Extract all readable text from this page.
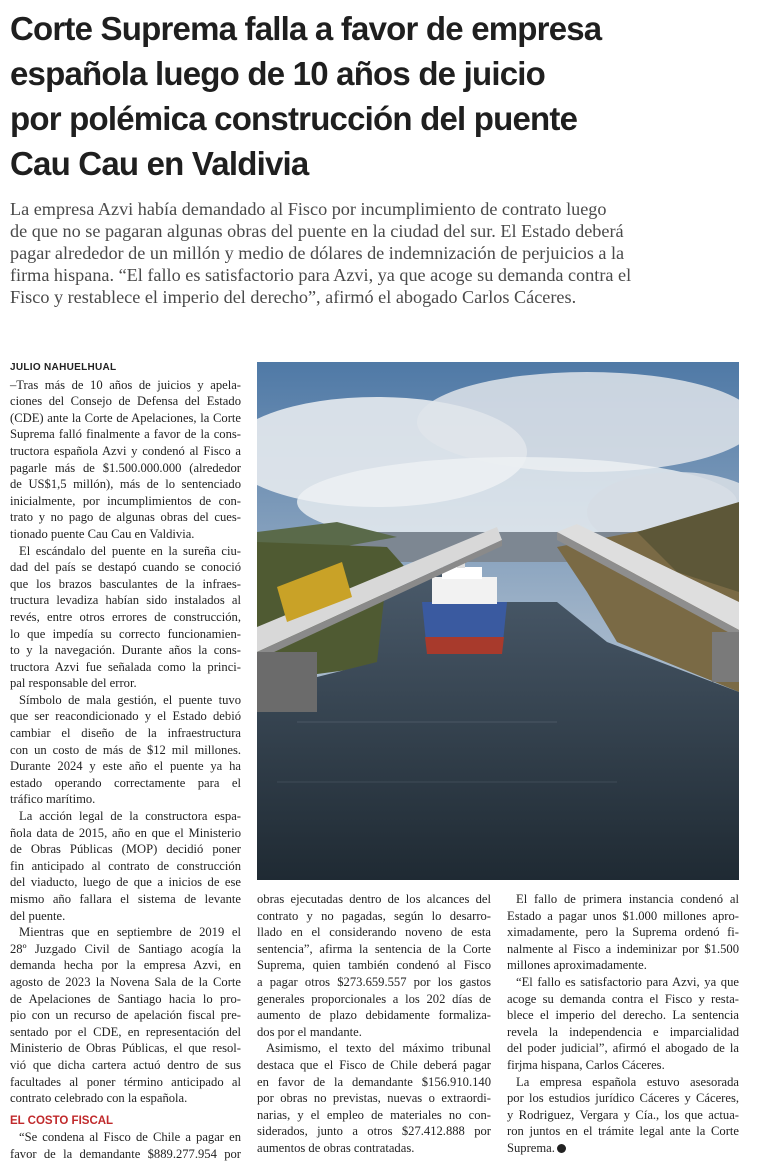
Corte Suprema falla a favor de empresa
española luego de 10 años de juicio
por polémica construcción del puente
Cau Cau en Valdivia
La empresa Azvi había demandado al Fisco por incumplimiento de contrato luego
de que no se pagaran algunas obras del puente en la ciudad del sur. El Estado deberá
pagar alrededor de un millón y medio de dólares de indemnización de perjuicios a la
firma hispana. “El fallo es satisfactorio para Azvi, ya que acoge su demanda contra el
Fisco y restablece el imperio del derecho”, afirmó el abogado Carlos Cáceres.
JULIO NAHUELHUAL
–Tras más de 10 años de juicios y apela-
ciones del Consejo de Defensa del Estado
(CDE) ante la Corte de Apelaciones, la Corte
Suprema falló finalmente a favor de la cons-
tructora española Azvi y condenó al Fisco a
pagarle más de $1.500.000.000 (alrededor
de US$1,5 millón), más de lo sentenciado
inicialmente, por incumplimientos de con-
trato y no pago de algunas obras del cues-
tionado puente Cau Cau en Valdivia.
El escándalo del puente en la sureña ciu-
dad del país se destapó cuando se conoció
que los brazos basculantes de la infraes-
tructura levadiza habían sido instalados al
revés, entre otros errores de construcción,
lo que impedía su correcto funcionamien-
to y la navegación. Durante años la cons-
tructora Azvi fue señalada como la princi-
pal responsable del error.
Símbolo de mala gestión, el puente tuvo
que ser reacondicionado y el Estado debió
cambiar el diseño de la infraestructura
con un costo de más de $12 mil millones.
Durante 2024 y este año el puente ya ha
estado operando correctamente para el
tráfico marítimo.
La acción legal de la constructora espa-
ñola data de 2015, año en que el Ministerio
de Obras Públicas (MOP) decidió poner
fin anticipado al contrato de construcción
del viaducto, luego de que a inicios de ese
mismo año fallara el sistema de levante
del puente.
Mientras que en septiembre de 2019 el
28º Juzgado Civil de Santiago acogía la
demanda hecha por la empresa Azvi, en
agosto de 2023 la Novena Sala de la Corte
de Apelaciones de Santiago hacia lo pro-
pio con un recurso de apelación fiscal pre-
sentado por el CDE, en representación del
Ministerio de Obras Públicas, el que resol-
vió que dicha cartera actuó dentro de sus
facultades al poner término anticipado al
contrato celebrado con la española.
EL COSTO FISCAL
“Se condena al Fisco de Chile a pagar en
favor de la demandante $889.277.954 por
obras ejecutadas dentro de los alcances del
contrato y no pagadas, según lo desarro-
llado en el considerando noveno de esta
sentencia”, afirma la sentencia de la Corte
Suprema, quien también condenó al Fisco
a pagar otros $273.659.557 por los gastos
generales proporcionales a los 202 días de
aumento de plazo debidamente formaliza-
dos por el mandante.
Asimismo, el texto del máximo tribunal
destaca que el Fisco de Chile deberá pagar
en favor de la demandante $156.910.140
por obras no previstas, nuevas o extraordi-
narias, y el empleo de materiales no con-
siderados, junto a otros $27.412.888 por
aumentos de obras contratadas.
El fallo de primera instancia condenó al
Estado a pagar unos $1.000 millones apro-
ximadamente, pero la Suprema ordenó fi-
nalmente al Fisco a indeminizar por $1.500
millones aproximadamente.
“El fallo es satisfactorio para Azvi, ya que
acoge su demanda contra el Fisco y resta-
blece el imperio del derecho. La sentencia
revela la independencia e imparcialidad
del poder judicial”, afirmó el abogado de la
firjma hispana, Carlos Cáceres.
La empresa española estuvo asesorada
por los estudios jurídico Cáceres y Cáceres,
y Rodriguez, Vergara y Cía., los que actua-
ron juntos en el trámite legal ante la Corte
Suprema.
